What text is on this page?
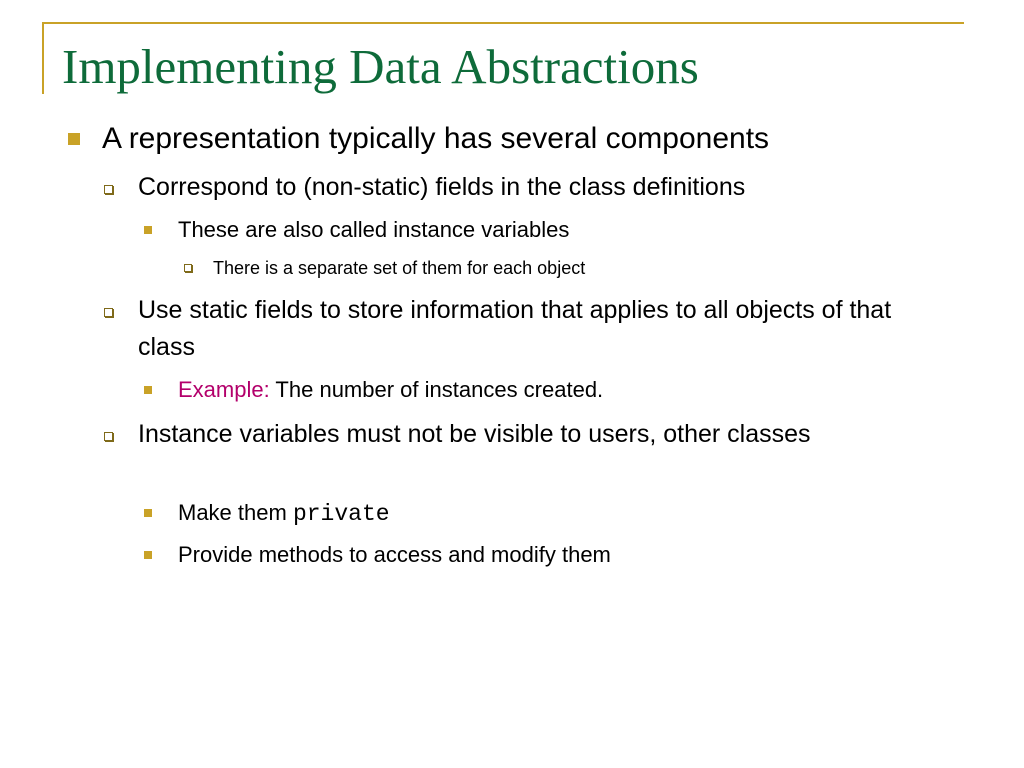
Implementing Data Abstractions
A representation typically has several components
Correspond to (non-static) fields in the class definitions
These are also called instance variables
There is a separate set of them for each object
Use static fields to store information that applies to all objects of that class
Example: The number of instances created.
Instance variables must not be visible to users, other classes
Make them private
Provide methods to access and modify them
